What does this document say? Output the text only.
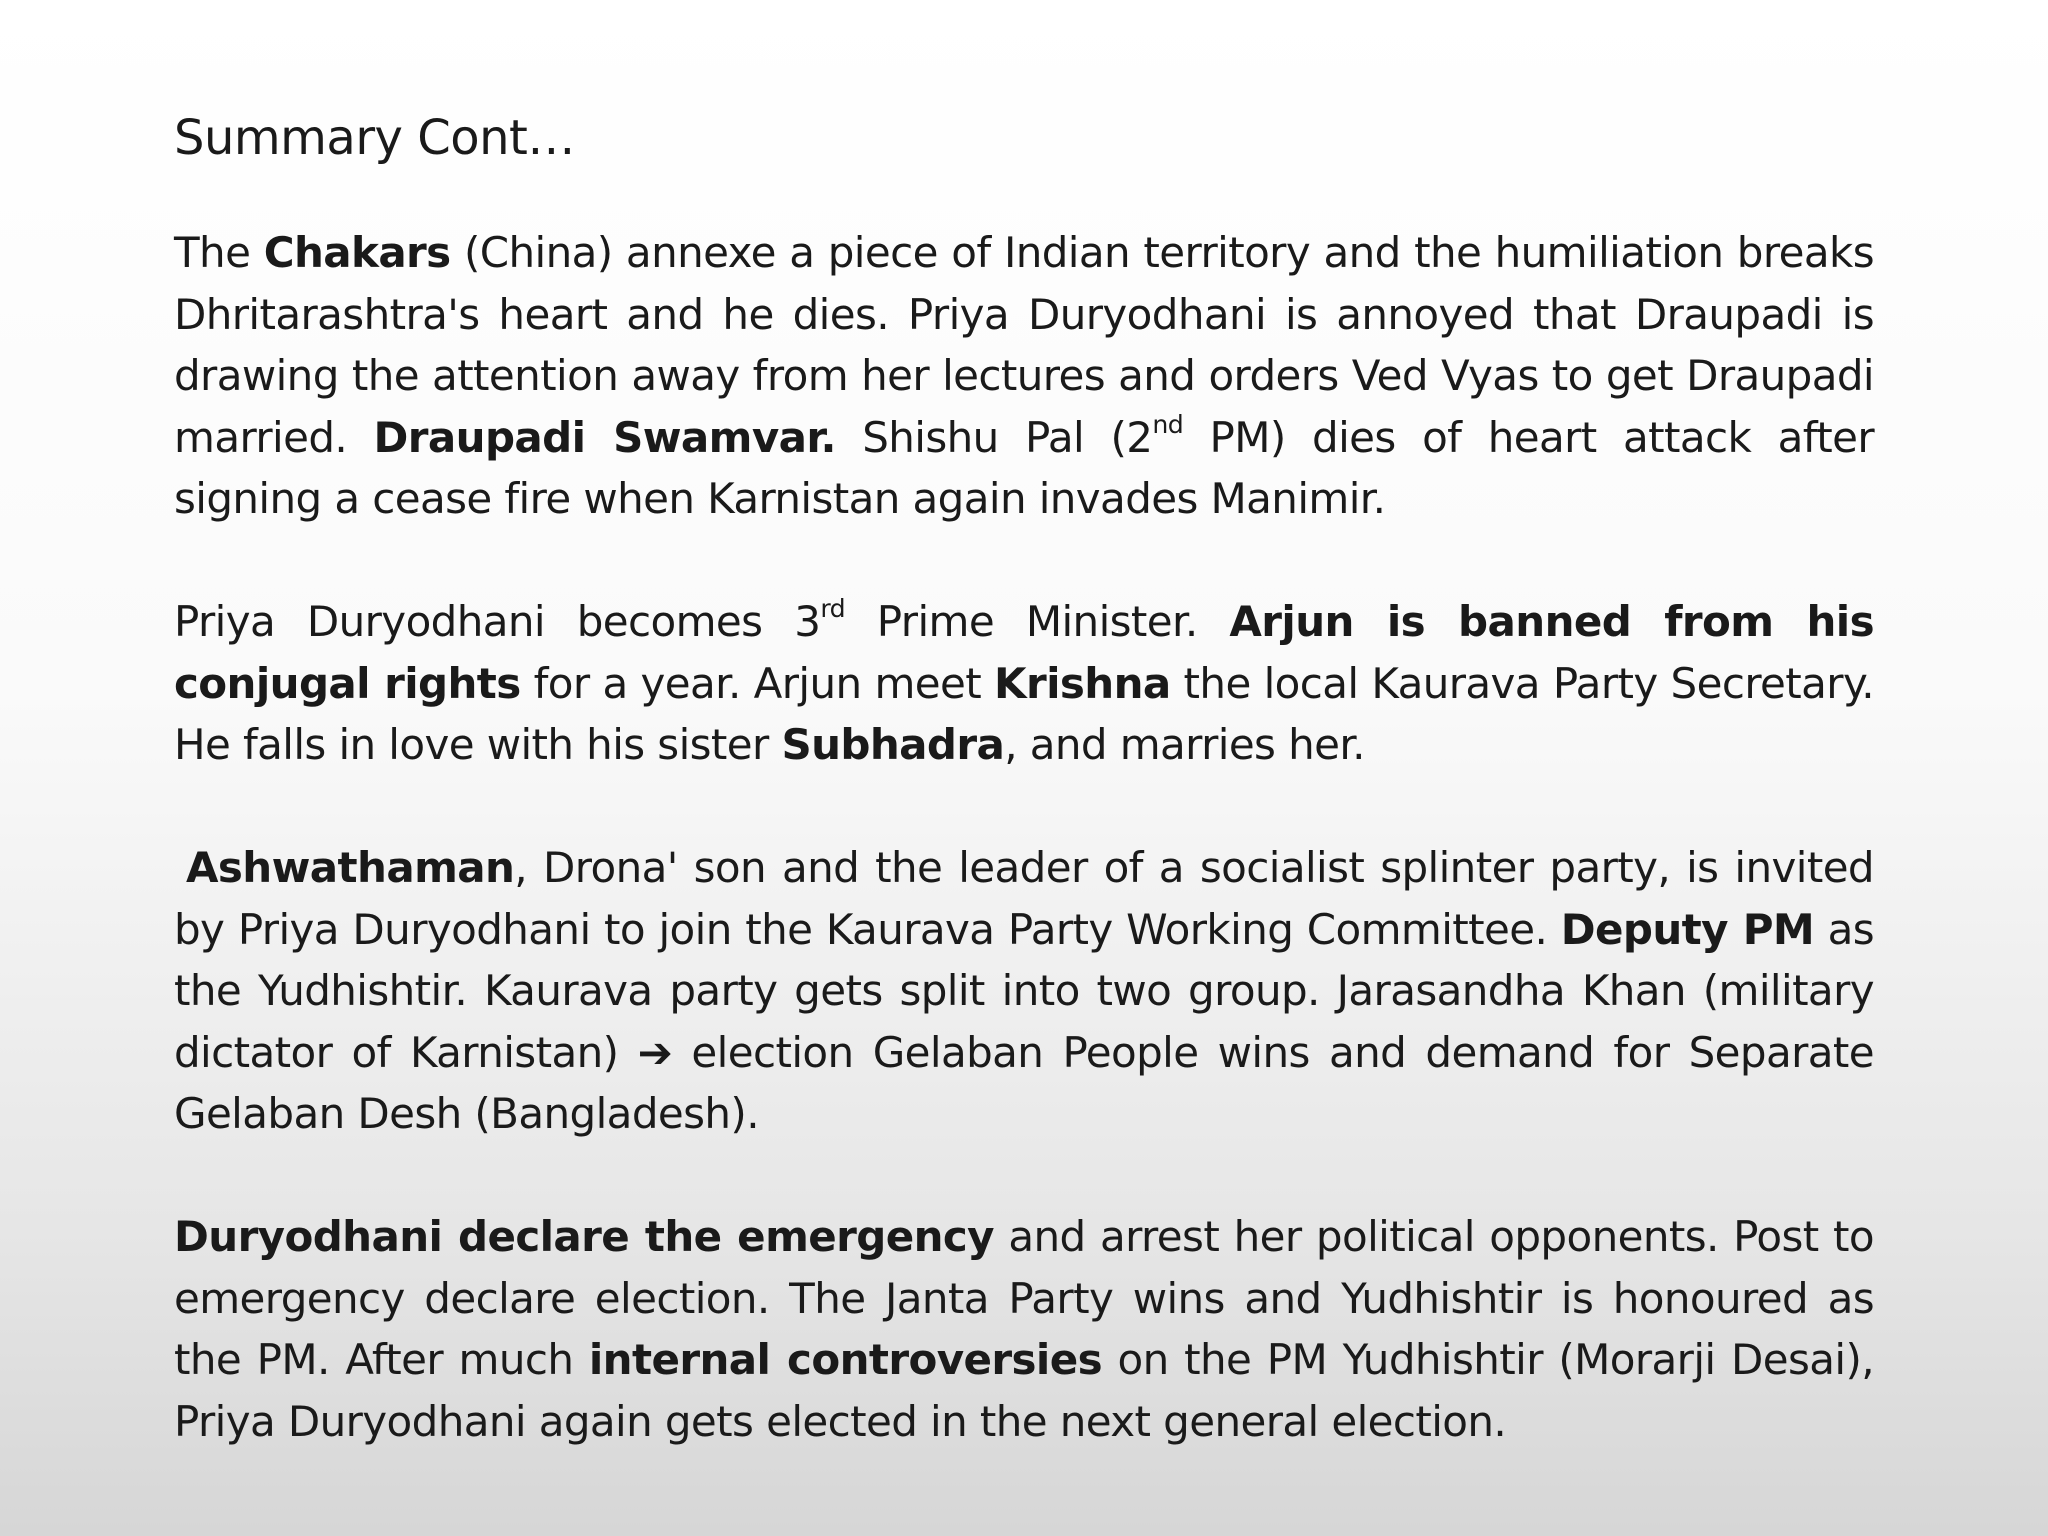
Summary Cont…

The Chakars (China) annexe a piece of Indian territory and the humiliation breaks Dhritarashtra's heart and he dies. Priya Duryodhani is annoyed that Draupadi is drawing the attention away from her lectures and orders Ved Vyas to get Draupadi married. Draupadi Swamvar. Shishu Pal (2nd PM) dies of heart attack after signing a cease fire when Karnistan again invades Manimir.

Priya Duryodhani becomes 3rd Prime Minister. Arjun is banned from his conjugal rights for a year. Arjun meet Krishna the local Kaurava Party Secretary. He falls in love with his sister Subhadra, and marries her.

Ashwathaman, Drona' son and the leader of a socialist splinter party, is invited by Priya Duryodhani to join the Kaurava Party Working Committee. Deputy PM as the Yudhishtir. Kaurava party gets split into two group. Jarasandha Khan (military dictator of Karnistan) ➔ election Gelaban People wins and demand for Separate Gelaban Desh (Bangladesh).

Duryodhani declare the emergency and arrest her political opponents. Post to emergency declare election. The Janta Party wins and Yudhishtir is honoured as the PM. After much internal controversies on the PM Yudhishtir (Morarji Desai), Priya Duryodhani again gets elected in the next general election.
